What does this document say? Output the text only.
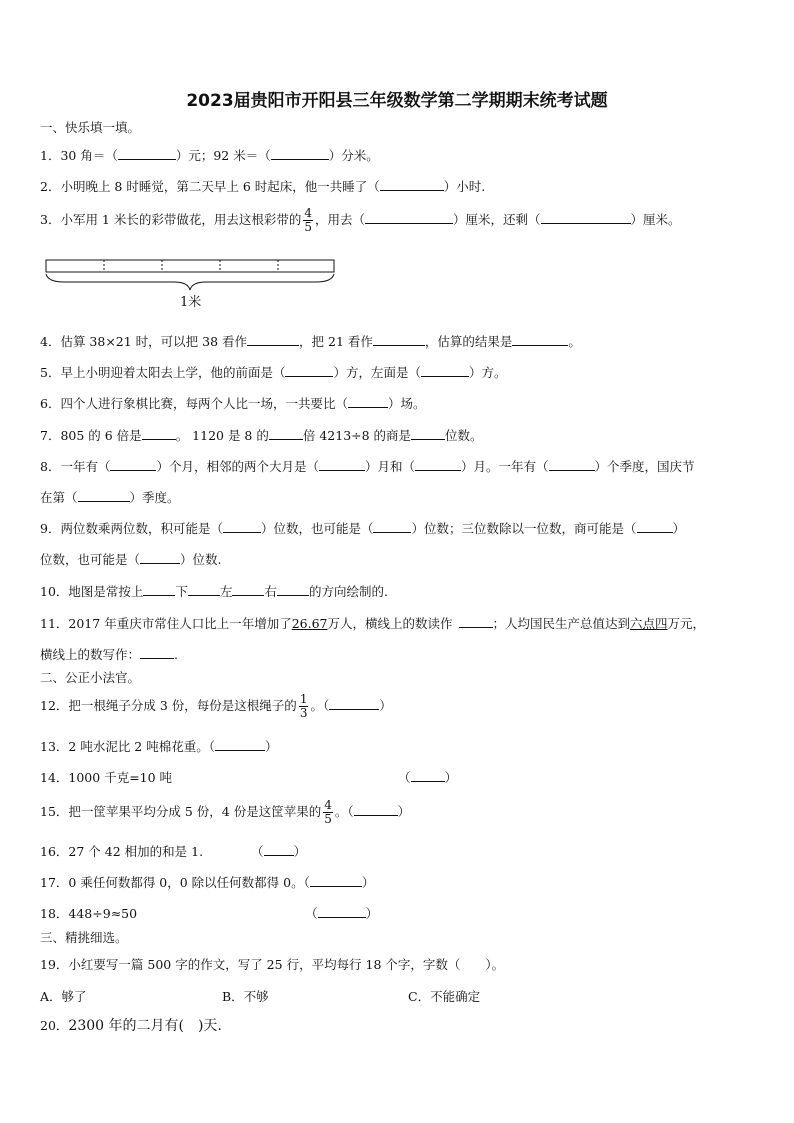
2023届贵阳市开阳县三年级数学第二学期期末统考试题
一、快乐填一填。
1．30 角＝（	）元；92 米＝（	）分米。
2．小明晚上 8 时睡觉，第二天早上 6 时起床，他一共睡了（	）小时.
3．小军用 1 米长的彩带做花，用去这根彩带的 $\frac{4}{5}$ ，用去（	）厘米，还剩（	）厘米。
1米
4．估算 38×21 时，可以把 38 看作	，把 21 看作	，估算的结果是	。
5．早上小明迎着太阳去上学，他的前面是（	）方，左面是（	）方。
6．四个人进行象棋比赛，每两个人比一场，一共要比（	）场。
7．805 的 6 倍是	。 1120 是 8 的	倍 4213÷8 的商是	位数。
8．一年有（	）个月，相邻的两个大月是（	）月和（	）月。一年有（	）个季度，国庆节
在第（	）季度。
9．两位数乘两位数，积可能是（	）位数，也可能是（	）位数；三位数除以一位数，商可能是（	）
位数，也可能是（	）位数.
10．地图是常按上	下	左	右	的方向绘制的.
11．2017 年重庆市常住人口比上一年增加了26.67万人，横线上的数读作	；人均国民生产总值达到六点四万元，
横线上的数写作：	.
二、公正小法官。
12．把一根绳子分成 3 份，每份是这根绳子的 $\frac{1}{3}$ 。（	）
13．2 吨水泥比 2 吨棉花重。（	）
14．1000 千克=10 吨	（	）
15．把一筐苹果平均分成 5 份，4 份是这筐苹果的 $\frac{4}{5}$ 。（	）
16．27 个 42 相加的和是 1.	（ ）
17．0 乘任何数都得 0，0 除以任何数都得 0。（	）
18．448÷9≈50	（	）
三、精挑细选。
19．小红要写一篇 500 字的作文，写了 25 行，平均每行 18 个字，字数（　　）。
A．够了	B．不够	C．不能确定
20．2300 年的二月有(　)天.
